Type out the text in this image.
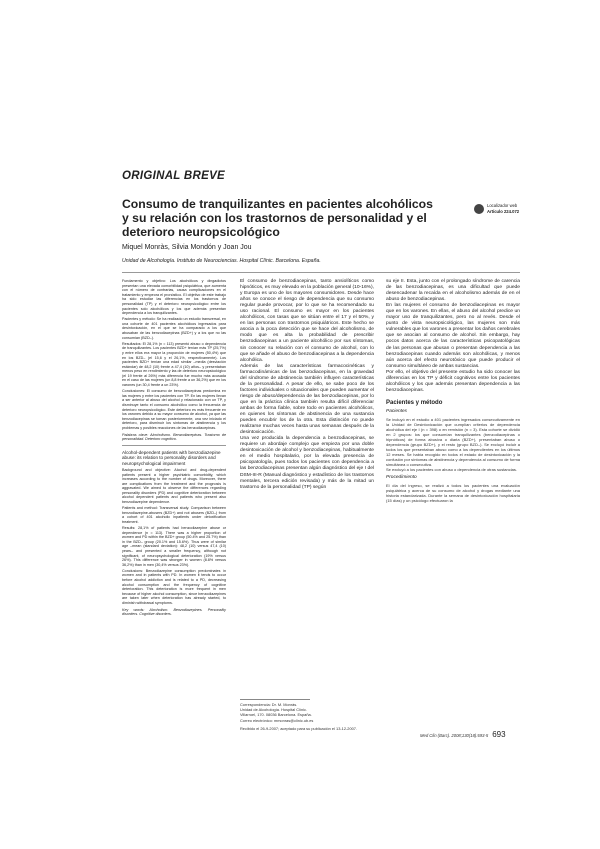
ORIGINAL BREVE
Localizador web
Artículo 224.072
Consumo de tranquilizantes en pacientes alcohólicos y su relación con los trastornos de personalidad y el deterioro neuropsicológico
Miquel Monràs, Silvia Mondón y Joan Jou
Unidad de Alcohología. Instituto de Neurociencias. Hospital Clínic. Barcelona. España.

Fundamento y objetivo: Los alcohólicos y dingadictos presentan una elevada comorbilidad psiquiátrica, que aumenta con el número de contrarias, causa complicaciones en el tratamiento y empeora el pronóstico. El objetivo de este trabajo ha sido estudiar las diferencias en los trastornos de personalidad (TP) y el deterioro neuropsicológico entre los pacientes solo alcohólicos y los que además presentan dependencia a los tranquilizantes.

Pacientes y método: Se ha realizado un estudio transversal, en una cohorte de 401 pacientes alcohólicos ingresados para desintoxicación, en el que se ha comparado a los que abusaban de las benzodiacepinas (BZD+) y a los que no las consumían (BZD–).

Resultados: El 28,1% (n = 113) presentó abuso o dependencia de tranquilizantes. Los pacientes BZD+ tenían más TP (25,7%) y entre ellos era mayor la proporción de mujeres (50,4%) que en los BZD– (el 15,6 y el 26,1%, respectivamente). Los pacientes BZD+ tenían una edad similar –media (desviación estándar) de 48,2 (10) frente a 47,4 (10) años– y presentaban menos peso en rendimiento y las de deterioro neuropsicológico (el 19 frente al 26%) más diferencia fue mucho más acusada en el caso de las mujeres (un 8,8 frente a un 36,2%) que en los varones (un 30,4 frente a un 23%).

Conclusiones: El consumo de benzodiacepinas predomina en las mujeres y entre los pacientes con TP. En las mujeres llevan a ser anterior al abuso del alcohol y relacionado con un TP, y disminuye tanto el consumo alcohólico como la frecuencia de deterioro neuropsicológico. Este deterioro es más frecuente en los varones debido a su mayor consumo de alcohol, ya que las benzodiacepinas se toman posteriormente, una vez iniciado el deterioro, para disminuir los síntomas de abstinencia y los problemas y posibles reacciones de las benzodiacepinas.

Palabras clave: Alcoholismo. Benzodiacepinas. Trastorno de personalidad. Deterioro cognitivo.

Alcohol-dependent patients with benzodiazepine abuse: its relation to personality disorders and neuropsychological impairment

Background and objective: Alcohol and drug-dependent patients present a higher psychiatric comorbidity, which increases according to the number of drugs. Moreover, there are complications from the treatment and the prognosis is aggravated. We aimed to observe the differences regarding personality disorders (PD) and cognitive deterioration between alcohol dependent patients and patients who present also benzodiazepine dependence.

Patients and method: Transversal study. Comparison between benzodiazepine-abusers (BZD+) and not abusers (BZD–) from a cohort of 401 alcoholic inpatients under detoxification treatment.

Results: 28,1% of patients had benzodiazepine abuse or dependence (n = 113). There was a higher proportion of women and PD within the BZD+ group (50.4% and 25.7%) than in the BZD– group (20.1% and 15.6%). Thus were of similar age –mean (standard deviation): 48,2 (10) versus 47,4 (10) years– and presented a smaller frequency, although not significant, of neuropsychological deterioration (19% versus 26%). This difference was stronger in women (8.8% versus 36,2%) than in men (30,4% versus 23%).

Conclusions: Benzodiazepine consumption predominates in women and in patients with PD. In women it tends to occur before alcohol addiction and is related to a PD, decreasing alcohol consumption and the frequency of cognitive deterioration. This deterioration is more frequent in men because of higher alcohol consumption, since benzodiazepines are taken later when deterioration has already started, to diminish withdrawal symptoms.

Key words: Alcoholism. Benzodiazepines. Personality disorders. Cognitive disorders.

El consumo de benzodiacepinas, tanto ansiolíticos como hipnóticos, es muy elevado en la población general (10-16%), y Europa es uno de los mayores consumidores. Desde hace años se conoce el riesgo de dependencia que su consumo regular puede provocar, por lo que se ha recomendado su uso racional. El consumo es mayor en los pacientes alcohólicos, con tasas que se sitúan entre el 17 y el 50%, y en las personas con trastornos psiquiátricos. Este hecho se asocia a la poca detección que se hace del alcoholismo, de modo que es alta la probabilidad de prescribir benzodiacepinas a un paciente alcohólico por sus síntomas, sin conocer su relación con el consumo de alcohol, con lo que se añade el abuso de benzodiacepinas a la dependencia alcohólica.
Además de las características farmacocinéticas y farmacodinámicas de las benzodiacepinas, en la gravedad del síndrome de abstinencia también influyen características de la personalidad. A pesar de ello, se sabe poco de los factores individuales o situacionales que pueden aumentar el riesgo de abuso/dependencia de las benzodiacepinas, por lo que en la práctica clínica también resulta difícil diferenciar ambas de forma fiable, sobre todo en pacientes alcohólicos, en quienes los síntomas de abstinencia de una sustancia pueden encubrir los de la otra. Esta distinción no puede realizarse muchas veces hasta unas semanas después de la desintoxicación.
Una vez producida la dependencia a benzodiacepinas, se requiere un abordaje complejo que empieza por una doble desintoxicación de alcohol y benzodiacepinas, habitualmente en el medio hospitalario, por la elevada presencia de psicopatología, pues todos los pacientes con dependencia a las benzodiacepinas presentan algún diagnóstico del eje I del DSM-III-R (Manual diagnóstico y estadístico de los trastornos mentales, tercera edición revisada) y más de la mitad un trastorno de la personalidad (TP) según

su eje II. Esta, junto con el prolongado síndrome de carencia de las benzodiacepinas, es una dificultad que puede desencadenar la recaída en el alcoholismo además de en el abuso de benzodiacepinas.
En las mujeres el consumo de benzodiacepinas es mayor que en los varones. En ellas, el abuso del alcohol predice un mayor uso de tranquilizantes, pero no al revés. Desde el punto de vista neuropsicológico, las mujeres son más vulnerables que los varones a presentar los daños cerebrales que se asocian al consumo de alcohol. Sin embargo, hay pocos datos acerca de las características psicopatológicas de las personas que abusan o presentan dependencia a las benzodiacepinas cuando además son alcohólicas, y menos aún acerca del efecto neurotóxico que puede producir el consumo simultáneo de ambas sustancias.
Por ello, el objetivo del presente estudio ha sido conocer las diferencias en los TP y déficit cognitivos entre los pacientes alcohólicos y los que además presentan dependencia a las benzodiacepinas.

Pacientes y método
Pacientes

Se incluyó en el estudio a 401 pacientes ingresados consecutivamente en la Unidad de Desintoxicación que cumplían criterios de dependencia alcohólica del eje I (n = 398) o en remisión (n = 3). Esta cohorte se dividió en 2 grupos: los que consumían tranquilizantes (benzodiacepinas o hipnóticos) de forma abusiva o diaria (BZD+), presentaban abuso o dependencia (grupo BZD+), y el resto (grupo BZD–). Se excluyó incluir a todos los que presentaban abuso como a los dependientes en los últimos 12 meses. Se había recogido en todos el estado de desintoxicación y la confusión por síntomas de abstinencia y dependencia al consumo de forma simultánea o consecutiva.
Se excluyó a los pacientes con abuso o dependencia de otras sustancias.

Procedimiento

El día del ingreso, se realizó a todos los pacientes una evaluación psiquiátrica y acerca de su consumo de alcohol y drogas mediante una historia estandarizada. Durante la semana de desintoxicación hospitalaria (15 días) y un psicólogo efectuaron la

Correspondencia: Dr. M. Monràs.
Unidad de Alcohología. Hospital Clínic.
Villarroel, 170. 08036 Barcelona. España.
Correo electrónico: mmonras@clinic.ub.es
Recibido el 26-9-2007; aceptado para su publicación el 13-12-2007.
Med Clin (Barc). 2008;130(18):693-5 693
